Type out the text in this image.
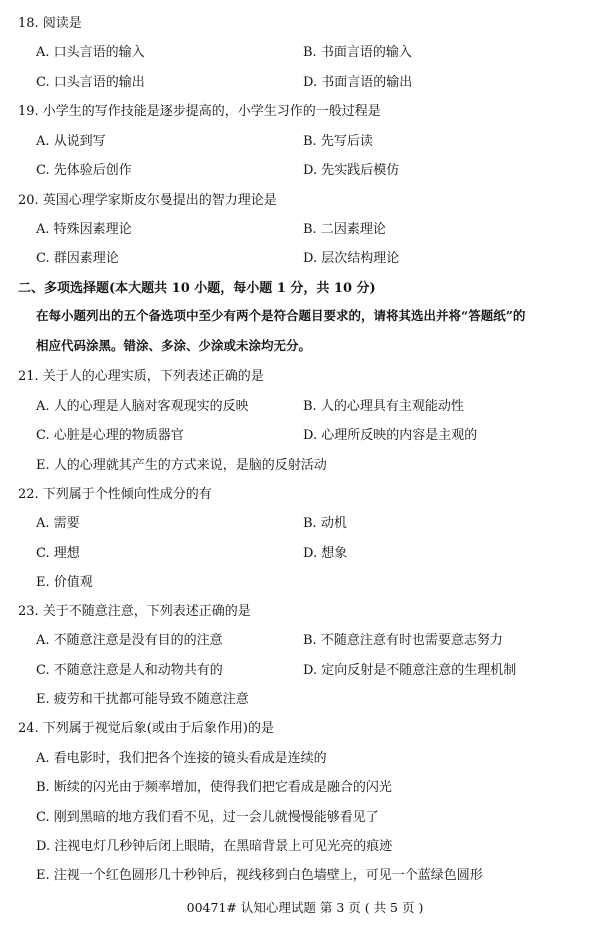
18. 阅读是
A. 口头言语的输入	B. 书面言语的输入
C. 口头言语的输出	D. 书面言语的输出
19. 小学生的写作技能是逐步提高的，小学生习作的一般过程是
A. 从说到写	B. 先写后读
C. 先体验后创作	D. 先实践后模仿
20. 英国心理学家斯皮尔曼提出的智力理论是
A. 特殊因素理论	B. 二因素理论
C. 群因素理论	D. 层次结构理论
二、多项选择题(本大题共 10 小题，每小题 1 分，共 10 分)
在每小题列出的五个备选项中至少有两个是符合题目要求的，请将其选出并将“答题纸”的
相应代码涂黑。错涂、多涂、少涂或未涂均无分。
21. 关于人的心理实质，下列表述正确的是
A. 人的心理是人脑对客观现实的反映	B. 人的心理具有主观能动性
C. 心脏是心理的物质器官	D. 心理所反映的内容是主观的
E. 人的心理就其产生的方式来说，是脑的反射活动
22. 下列属于个性倾向性成分的有
A. 需要	B. 动机
C. 理想	D. 想象
E. 价值观
23. 关于不随意注意，下列表述正确的是
A. 不随意注意是没有目的的注意	B. 不随意注意有时也需要意志努力
C. 不随意注意是人和动物共有的	D. 定向反射是不随意注意的生理机制
E. 疲劳和干扰都可能导致不随意注意
24. 下列属于视觉后象(或由于后象作用)的是
A. 看电影时，我们把各个连接的镜头看成是连续的
B. 断续的闪光由于频率增加，使得我们把它看成是融合的闪光
C. 刚到黑暗的地方我们看不见，过一会儿就慢慢能够看见了
D. 注视电灯几秒钟后闭上眼睛，在黑暗背景上可见光亮的痕迹
E. 注视一个红色圆形几十秒钟后，视线移到白色墙壁上，可见一个蓝绿色圆形
00471# 认知心理试题 第 3 页 ( 共 5 页 )
